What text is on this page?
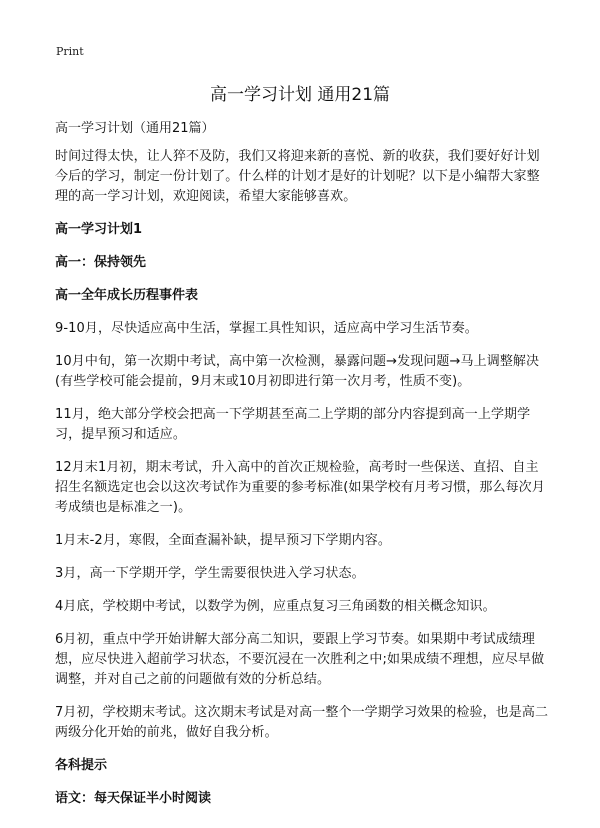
Print
高一学习计划 通用21篇
高一学习计划（通用21篇）
时间过得太快，让人猝不及防，我们又将迎来新的喜悦、新的收获，我们要好好计划今后的学习，制定一份计划了。什么样的计划才是好的计划呢？以下是小编帮大家整理的高一学习计划，欢迎阅读，希望大家能够喜欢。
高一学习计划1
高一：保持领先
高一全年成长历程事件表
9-10月，尽快适应高中生活，掌握工具性知识，适应高中学习生活节奏。
10月中旬，第一次期中考试，高中第一次检测，暴露问题→发现问题→马上调整解决(有些学校可能会提前，9月末或10月初即进行第一次月考，性质不变)。
11月，绝大部分学校会把高一下学期甚至高二上学期的部分内容提到高一上学期学习，提早预习和适应。
12月末1月初，期末考试，升入高中的首次正规检验，高考时一些保送、直招、自主招生名额选定也会以这次考试作为重要的参考标准(如果学校有月考习惯，那么每次月考成绩也是标准之一)。
1月末-2月，寒假，全面查漏补缺，提早预习下学期内容。
3月，高一下学期开学，学生需要很快进入学习状态。
4月底，学校期中考试，以数学为例，应重点复习三角函数的相关概念知识。
6月初，重点中学开始讲解大部分高二知识，要跟上学习节奏。如果期中考试成绩理想，应尽快进入超前学习状态，不要沉浸在一次胜利之中;如果成绩不理想，应尽早做调整，并对自己之前的问题做有效的分析总结。
7月初，学校期末考试。这次期末考试是对高一整个一学期学习效果的检验，也是高二两级分化开始的前兆，做好自我分析。
各科提示
语文：每天保证半小时阅读
